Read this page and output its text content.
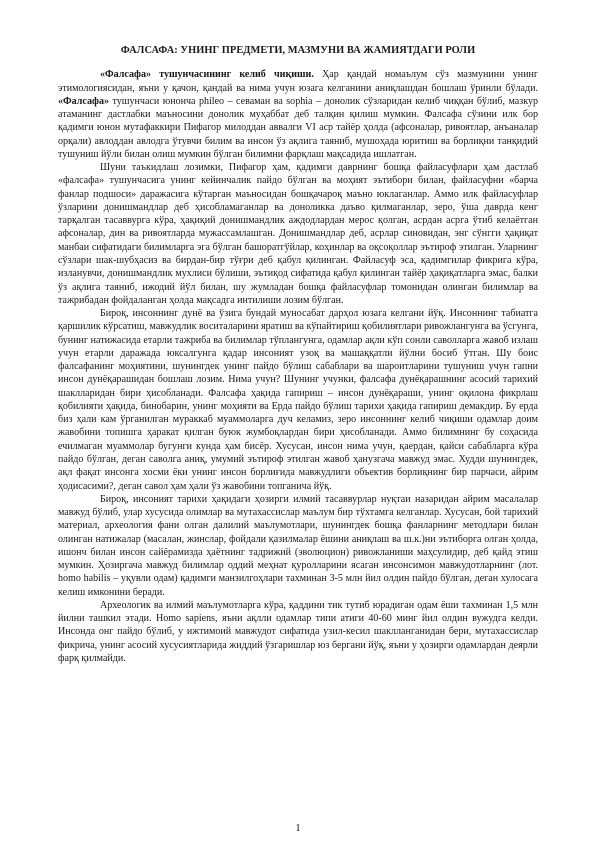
ФАЛСАФА: УНИНГ ПРЕДМЕТИ, МАЗМУНИ ВА ЖАМИЯТДАГИ РОЛИ

«Фалсафа» тушунчасининг келиб чиқиши. Ҳар қандай номаълум сўз мазмунини унинг этимологиясидан, яъни у қачон, қандай ва нима учун юзага келганини аниқлашдан бошлаш ўринли бўлади. «Фалсафа» тушунчаси юнонча phileo – севаман ва sophia – донолик сўзларидан келиб чиққан бўлиб, мазкур атаманинг дастлабки маъносини донолик муҳаббат деб талқин қилиш мумкин. Фалсафа сўзини илк бор қадимги юнон мутафаккири Пифагор милоддан аввалги VI аср тайёр ҳолда (афсоналар, ривоятлар, анъаналар орқали) авлоддан авлодга ўтувчи билим ва инсон ўз ақлига таяниб, мушоҳада юритиш ва борлиқни танқидий тушуниш йўли билан олиш мумкин бўлган билимни фарқлаш мақсадида ишлатган.

Шуни таъкидлаш лозимки, Пифагор ҳам, қадимги даврнинг бошқа файласуфлари ҳам дастлаб «фалсафа» тушунчасига унинг кейинчалик пайдо бўлган ва моҳият эътибори билан, файласуфни «барча фанлар подшоси» даражасига кўтарган маъносидан бошқачароқ маъно юклаганлар. Аммо илк файласуфлар ўзларини донишмандлар деб ҳисобламаганлар ва доноликка даъво қилмаганлар, зеро, ўша даврда кенг тарқалган тасаввурга кўра, ҳақиқий донишмандлик аждодлардан мерос қолган, асрдан асрга ўтиб келаётган афсоналар, дин ва ривоятларда мужассамлашган. Донишмандлар деб, асрлар синовидан, энг сўнгги ҳақиқат манбаи сифатидаги билимларга эга бўлган башоратгўйлар, коҳинлар ва оқсоқоллар эътироф этилган. Уларнинг сўзлари шак-шубҳасиз ва бирдан-бир тўғри деб қабул қилинган. Файласуф эса, қадимгилар фикрига кўра, изланувчи, донишмандлик мухлиси бўлиши, эътиқод сифатида қабул қилинган тайёр ҳақиқатларга эмас, балки ўз ақлига таяниб, ижодий йўл билан, шу жумладан бошқа файласуфлар томонидан олинган билимлар ва тажрибадан фойдаланган ҳолда мақсадга интилиши лозим бўлган.

Бироқ, инсоннинг дунё ва ўзига бундай муносабат дарҳол юзага келгани йўқ. Инсоннинг табиатга қаршилик кўрсатиш, мавжудлик воситаларини яратиш ва кўпайтириш қобилиятлари ривожлангунга ва ўсгунга, бунинг натижасида етарли тажриба ва билимлар тўплангунга, одамлар ақли кўп сонли саволларга жавоб излаш учун етарли даражада юксалгунга қадар инсоният узоқ ва машаққатли йўлни босиб ўтган. Шу боис фалсафанинг моҳиятини, шунингдек унинг пайдо бўлиш сабаблари ва шароитларини тушуниш учун гапни инсон дунёқарашидан бошлаш лозим. Нима учун? Шунинг учунки, фалсафа дунёқарашнинг асосий тарихий шаклларидан бири ҳисобланади. Фалсафа ҳақида гапириш – инсон дунёқараши, унинг оқилона фикрлаш қобилияти ҳақида, бинобарин, унинг моҳияти ва Ерда пайдо бўлиш тарихи ҳақида гапириш демакдир. Бу ерда биз ҳали кам ўрганилган мураккаб муаммоларга дуч келамиз, зеро инсоннинг келиб чиқиши одамлар доим жавобини топишга ҳаракат қилган буюк жумбоқлардан бири ҳисобланади. Аммо билимнинг бу соҳасида ечилмаган муаммолар бугунги кунда ҳам бисёр. Хусусан, инсон нима учун, қаердан, қайси сабабларга кўра пайдо бўлган, деган саволга аниқ, умумий эътироф этилган жавоб ҳанузгача мавжуд эмас. Худди шунингдек, ақл фақат инсонга хосми ёки унинг инсон борлиғида мавжудлиги объектив борлиқнинг бир парчаси, айрим ҳодисасими?, деган савол ҳам ҳали ўз жавобини топганича йўқ.

Бироқ, инсоният тарихи ҳақидаги ҳозирги илмий тасаввурлар нуқтаи назаридан айрим масалалар мавжуд бўлиб, улар хусусида олимлар ва мутахассислар маълум бир тўхтамга келганлар. Хусусан, бой тарихий материал, археология фани олган далилий маълумотлари, шунингдек бошқа фанларнинг методлари билан олинган натижалар (масалан, жинслар, фойдали қазилмалар ёшини аниқлаш ва ш.к.)ни эътиборга олган ҳолда, ишонч билан инсон сайёрамизда ҳаётнинг тадрижий (эволюцион) ривожланиши маҳсулидир, деб қайд этиш мумкин. Ҳозиргача мавжуд билимлар оддий меҳнат қуролларини ясаган инсонсимон мавжудотларнинг (лот. homo habilis – уқувли одам) қадимги манзилгоҳлари тахминан 3-5 млн йил олдин пайдо бўлган, деган хулосага келиш имконини беради.

Археологик ва илмий маълумотларга кўра, қаддини тик тутиб юрадиган одам ёши тахминан 1,5 млн йилни ташкил этади. Homo sapiens, яъни ақлли одамлар типи атиги 40-60 минг йил олдин вужудга келди. Инсонда онг пайдо бўлиб, у ижтимоий мавжудот сифатида узил-кесил шаклланганидан бери, мутахассислар фикрича, унинг асосий хусусиятларида жиддий ўзгаришлар юз бергани йўқ, яъни у ҳозирги одамлардан деярли фарқ қилмайди.

1
